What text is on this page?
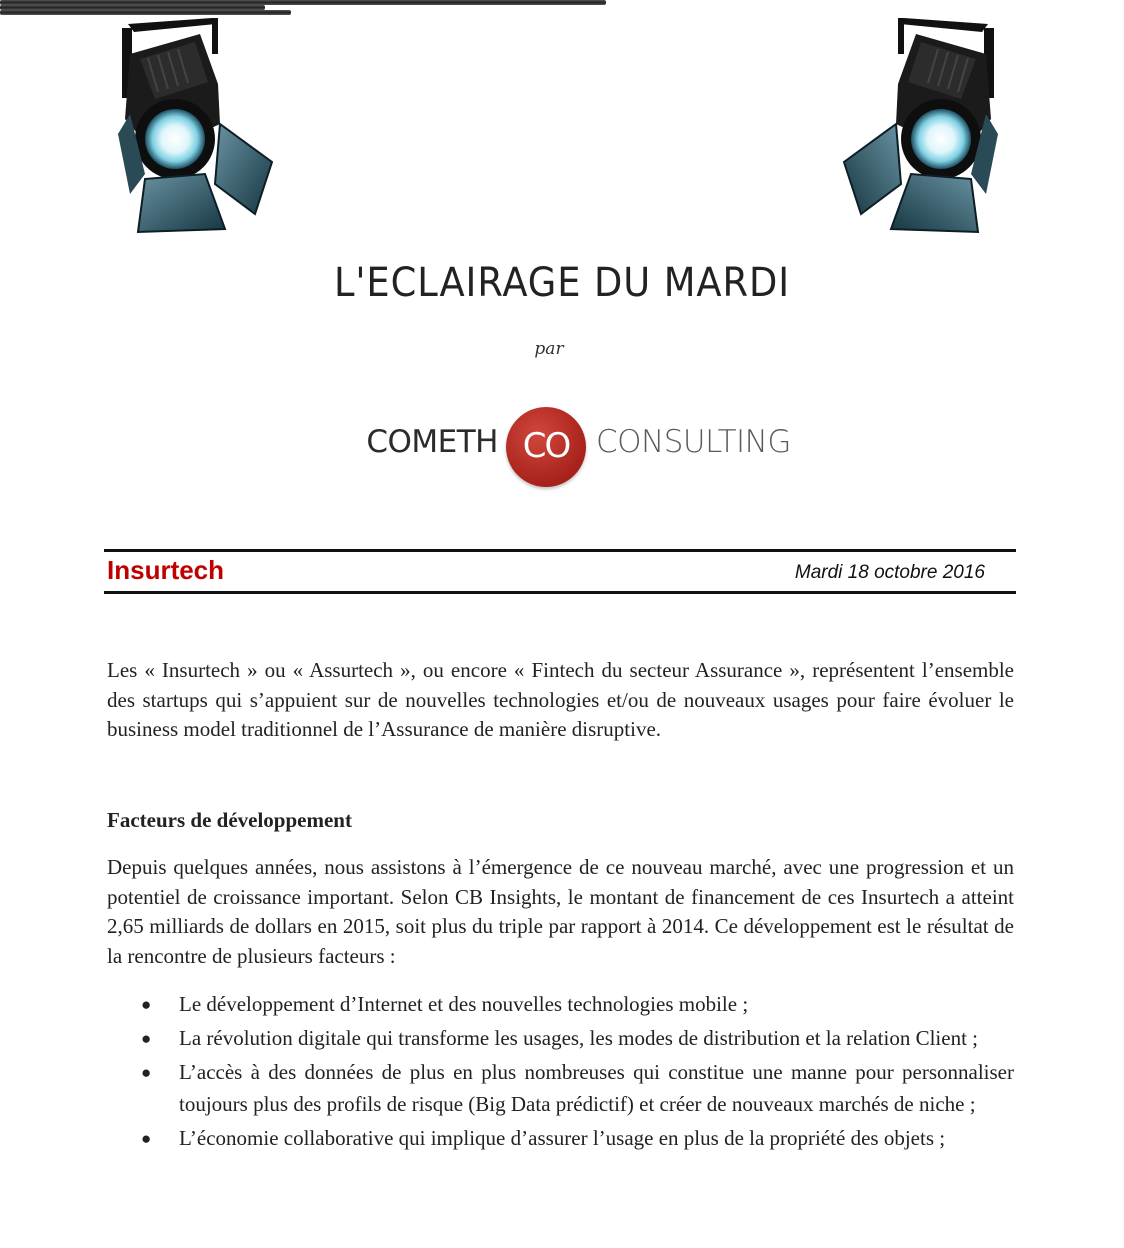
L'ECLAIRAGE DU MARDI
par
COMETH CO CONSULTING
Insurtech	Mardi 18 octobre 2016

Les « Insurtech » ou « Assurtech », ou encore « Fintech du secteur Assurance », représentent l’ensemble des startups qui s’appuient sur de nouvelles technologies et/ou de nouveaux usages pour faire évoluer le business model traditionnel de l’Assurance de manière disruptive.

Facteurs de développement

Depuis quelques années, nous assistons à l’émergence de ce nouveau marché, avec une progression et un potentiel de croissance important. Selon CB Insights, le montant de financement de ces Insurtech a atteint 2,65 milliards de dollars en 2015, soit plus du triple par rapport à 2014. Ce développement est le résultat de la rencontre de plusieurs facteurs :

● Le développement d’Internet et des nouvelles technologies mobile ;
● La révolution digitale qui transforme les usages, les modes de distribution et la relation Client ;
● L’accès à des données de plus en plus nombreuses qui constitue une manne pour personnaliser toujours plus des profils de risque (Big Data prédictif) et créer de nouveaux marchés de niche ;
● L’économie collaborative qui implique d’assurer l’usage en plus de la propriété des objets ;
